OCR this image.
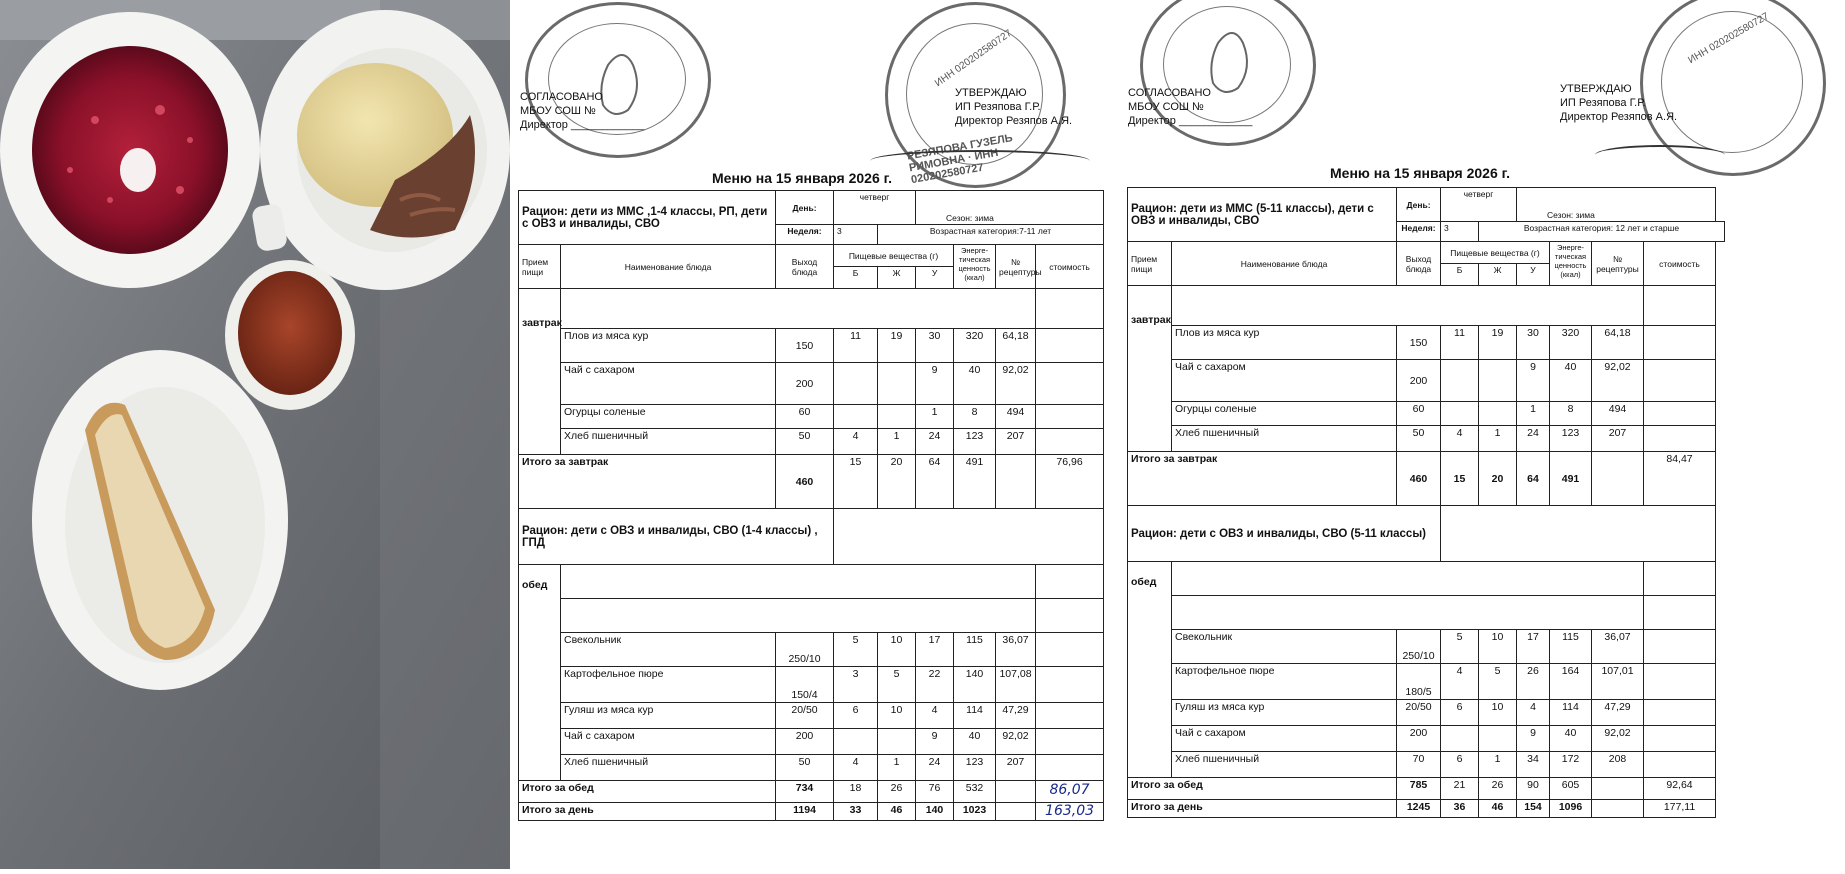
ИНН 020202580727
РЕЗЯПОВА ГУЗЕЛЬ РИМОВНА · ИНН 020202580727
СОГЛАСОВАНО
МБОУ СОШ №
Директор ____________
УТВЕРЖДАЮ
ИП Резяпова Г.Р.
Директор Резяпов А.Я.
Меню на 15 января 2026 г.
Рацион: дети из ММС ,1-4 классы, РП, дети с ОВЗ и инвалиды, СВО		День:	четверг		Сезон: зима			
		Неделя:	3	Возрастная категория:7-11 лет				
Прием пищи	Наименование блюда	Выход блюда	Пищевые вещества (г)			Энерге-тическая ценность (ккал)	№ рецептуры	стоимость
			Б	Ж	У			
завтрак								
	Плов из мяса кур	150	11	19	30	320	64,18	
	Чай с сахаром	200			9	40	92,02	
	Огурцы соленые	60			1	8	494	
	Хлеб пшеничный	50	4	1	24	123	207	
Итого за завтрак		460	15	20	64	491		76,96
Рацион: дети с ОВЗ и инвалиды, СВО (1-4 классы) , ГПД								
обед								

	Свекольник	250/10	5	10	17	115	36,07	
	Картофельное пюре	150/4	3	5	22	140	107,08	
	Гуляш из мяса кур	20/50	6	10	4	114	47,29	
	Чай с сахаром	200			9	40	92,02	
	Хлеб пшеничный	50	4	1	24	123	207	
Итого за обед		734	18	26	76	532		86,07
Итого за день		1194	33	46	140	1023		163,03
ИНН 020202580727
СОГЛАСОВАНО
МБОУ СОШ №
Директор ____________
УТВЕРЖДАЮ
ИП Резяпова Г.Р.
Директор Резяпов А.Я.
Меню на 15 января 2026 г.
Рацион: дети из ММС (5-11 классы), дети с ОВЗ и инвалиды, СВО		День:	четверг		Сезон: зима			
		Неделя:	3	Возрастная категория: 12 лет и старше				
Прием пищи	Наименование блюда	Выход блюда	Пищевые вещества (г)			Энерге-тическая ценность (ккал)	№ рецептуры	стоимость
			Б	Ж	У			
завтрак								
	Плов из мяса кур	150	11	19	30	320	64,18	
	Чай с сахаром	200			9	40	92,02	
	Огурцы соленые	60			1	8	494	
	Хлеб пшеничный	50	4	1	24	123	207	
Итого за завтрак		460	15	20	64	491		84,47
Рацион: дети с ОВЗ и инвалиды, СВО (5-11 классы)								
обед								

	Свекольник	250/10	5	10	17	115	36,07	
	Картофельное пюре	180/5	4	5	26	164	107,01	
	Гуляш из мяса кур	20/50	6	10	4	114	47,29	
	Чай с сахаром	200			9	40	92,02	
	Хлеб пшеничный	70	6	1	34	172	208	
Итого за обед		785	21	26	90	605		92,64
Итого за день		1245	36	46	154	1096		177,11
